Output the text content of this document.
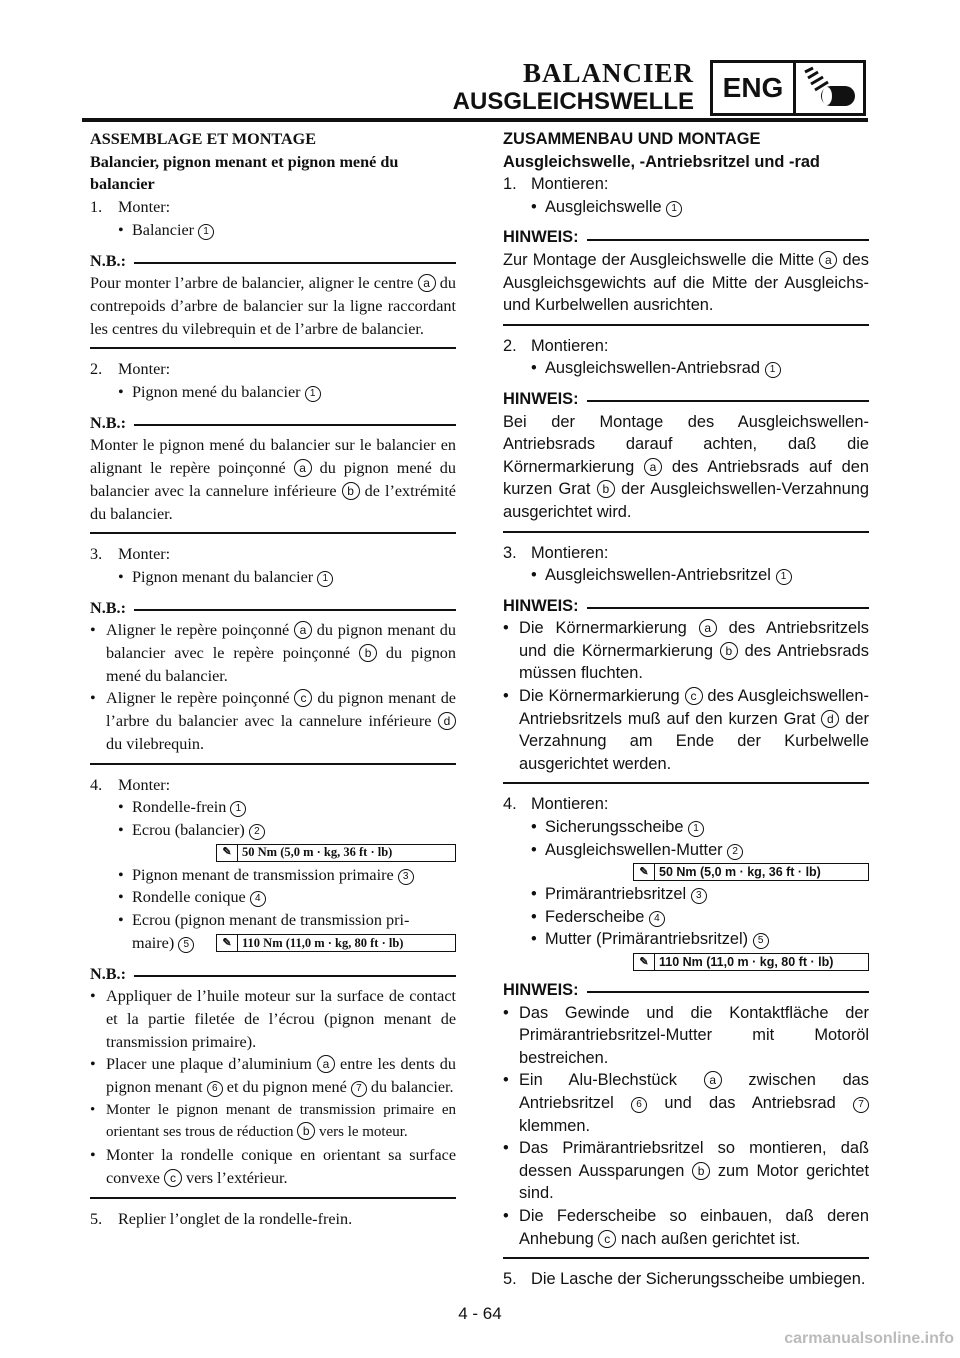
BALANCIER
AUSGLEICHSWELLE	ENG
ASSEMBLAGE ET MONTAGE
Balancier, pignon menant et pignon mené du balancier
1. Monter:
• Balancier 1
N.B.:
Pour monter l’arbre de balancier, aligner le centre a du contrepoids d’arbre de balancier sur la ligne raccordant les centres du vilebrequin et de l’arbre de balancier.
2. Monter:
• Pignon mené du balancier 1
N.B.:
Monter le pignon mené du balancier sur le balancier en alignant le repère poinçonné a du pignon mené du balancier avec la cannelure inférieure b de l’extrémité du balancier.
3. Monter:
• Pignon menant du balancier 1
N.B.:
• Aligner le repère poinçonné a du pignon menant du balancier avec le repère poinçonné b du pignon mené du balancier.
• Aligner le repère poinçonné c du pignon menant de l’arbre du balancier avec la cannelure inférieure d du vilebrequin.
4. Monter:
• Rondelle-frein 1
• Ecrou (balancier) 2
✎ 50 Nm (5,0 m · kg, 36 ft · lb)
• Pignon menant de transmission primaire 3
• Rondelle conique 4
• Ecrou (pignon menant de transmission pri-
maire) 5	✎ 110 Nm (11,0 m · kg, 80 ft · lb)
N.B.:
• Appliquer de l’huile moteur sur la surface de contact et la partie filetée de l’écrou (pignon menant de transmission primaire).
• Placer une plaque d’aluminium a entre les dents du pignon menant 6 et du pignon mené 7 du balancier.
• Monter le pignon menant de transmission primaire en orientant ses trous de réduction b vers le moteur.
• Monter la rondelle conique en orientant sa surface convexe c vers l’extérieur.
5. Replier l’onglet de la rondelle-frein.
ZUSAMMENBAU UND MONTAGE
Ausgleichswelle, -Antriebsritzel und -rad
1. Montieren:
• Ausgleichswelle 1
HINWEIS:
Zur Montage der Ausgleichswelle die Mitte a des Ausgleichsgewichts auf die Mitte der Ausgleichs- und Kurbelwellen ausrichten.
2. Montieren:
• Ausgleichswellen-Antriebsrad 1
HINWEIS:
Bei der Montage des Ausgleichswellen-Antriebsrads darauf achten, daß die Körnermarkierung a des Antriebsrads auf den kurzen Grat b der Ausgleichswellen-Verzahnung ausgerichtet wird.
3. Montieren:
• Ausgleichswellen-Antriebsritzel 1
HINWEIS:
• Die Körnermarkierung a des Antriebsritzels und die Körnermarkierung b des Antriebsrads müssen fluchten.
• Die Körnermarkierung c des Ausgleichswellen-Antriebsritzels muß auf den kurzen Grat d der Verzahnung am Ende der Kurbelwelle ausgerichtet werden.
4. Montieren:
• Sicherungsscheibe 1
• Ausgleichswellen-Mutter 2
✎ 50 Nm (5,0 m · kg, 36 ft · lb)
• Primärantriebsritzel 3
• Federscheibe 4
• Mutter (Primärantriebsritzel) 5
✎ 110 Nm (11,0 m · kg, 80 ft · lb)
HINWEIS:
• Das Gewinde und die Kontaktfläche der Primärantriebsritzel-Mutter mit Motoröl bestreichen.
• Ein Alu-Blechstück a zwischen das Antriebsritzel 6 und das Antriebsrad 7 klemmen.
• Das Primärantriebsritzel so montieren, daß dessen Aussparungen b zum Motor gerichtet sind.
• Die Federscheibe so einbauen, daß deren Anhebung c nach außen gerichtet ist.
5. Die Lasche der Sicherungsscheibe umbiegen.
4 - 64
carmanualsonline.info
